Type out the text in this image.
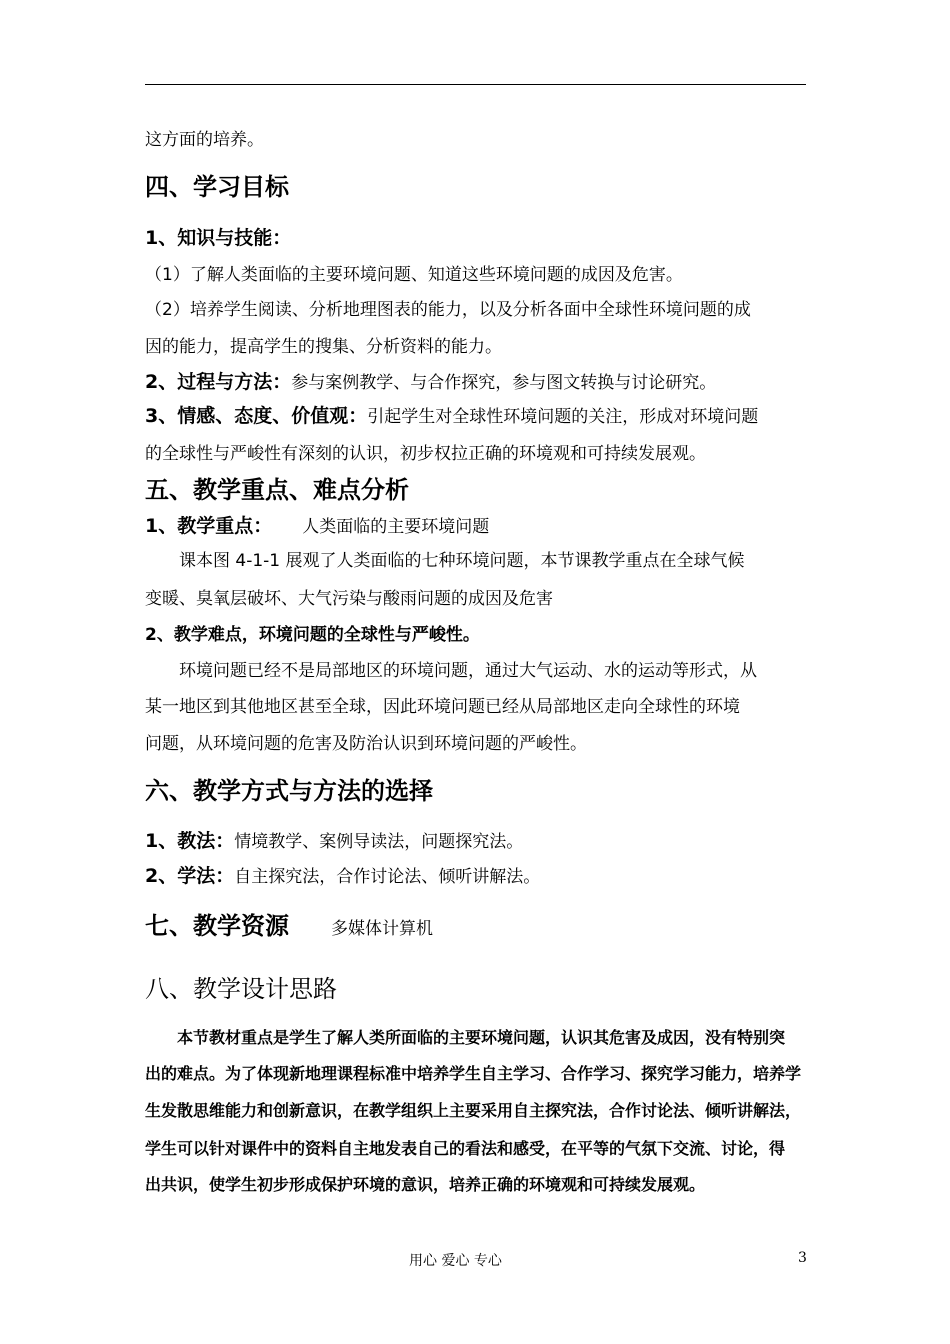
这方面的培养。
四、学习目标
1、知识与技能：
（1）了解人类面临的主要环境问题、知道这些环境问题的成因及危害。
（2）培养学生阅读、分析地理图表的能力，以及分析各面中全球性环境问题的成
因的能力，提高学生的搜集、分析资料的能力。
2、过程与方法：参与案例教学、与合作探究，参与图文转换与讨论研究。
3、情感、态度、价值观：引起学生对全球性环境问题的关注，形成对环境问题
的全球性与严峻性有深刻的认识，初步权拉正确的环境观和可持续发展观。
五、教学重点、难点分析
1、教学重点： 人类面临的主要环境问题
课本图 4-1-1 展观了人类面临的七种环境问题，本节课教学重点在全球气候
变暖、臭氧层破坏、大气污染与酸雨问题的成因及危害
2、教学难点，环境问题的全球性与严峻性。
环境问题已经不是局部地区的环境问题，通过大气运动、水的运动等形式，从
某一地区到其他地区甚至全球，因此环境问题已经从局部地区走向全球性的环境
问题，从环境问题的危害及防治认识到环境问题的严峻性。
六、教学方式与方法的选择
1、教法：情境教学、案例导读法，问题探究法。
2、学法：自主探究法，合作讨论法、倾听讲解法。
七、教学资源 多媒体计算机
八、教学设计思路
本节教材重点是学生了解人类所面临的主要环境问题，认识其危害及成因，没有特别突
出的难点。为了体现新地理课程标准中培养学生自主学习、合作学习、探究学习能力，培养学
生发散思维能力和创新意识，在教学组织上主要采用自主探究法，合作讨论法、倾听讲解法，
学生可以针对课件中的资料自主地发表自己的看法和感受，在平等的气氛下交流、讨论，得
出共识，使学生初步形成保护环境的意识，培养正确的环境观和可持续发展观。
用心 爱心 专心	3
